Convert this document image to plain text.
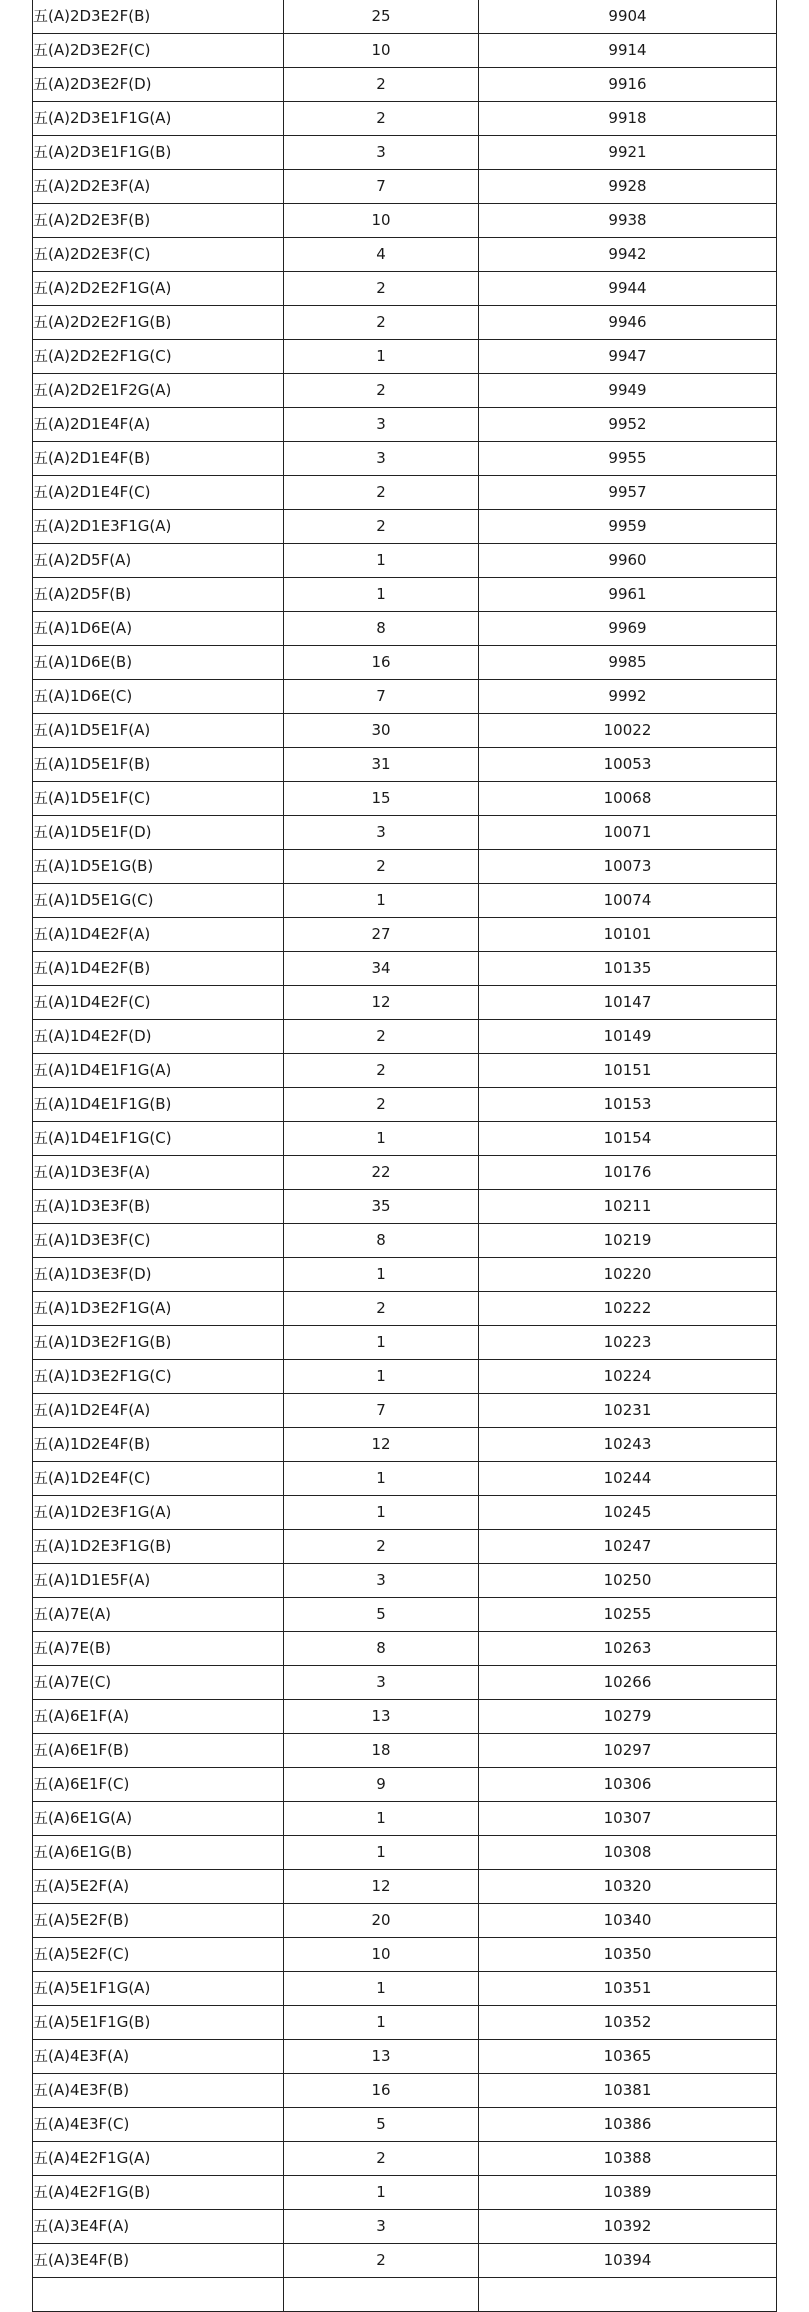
五(A)2D3E2F(B)	25	9904
五(A)2D3E2F(C)	10	9914
五(A)2D3E2F(D)	2	9916
五(A)2D3E1F1G(A)	2	9918
五(A)2D3E1F1G(B)	3	9921
五(A)2D2E3F(A)	7	9928
五(A)2D2E3F(B)	10	9938
五(A)2D2E3F(C)	4	9942
五(A)2D2E2F1G(A)	2	9944
五(A)2D2E2F1G(B)	2	9946
五(A)2D2E2F1G(C)	1	9947
五(A)2D2E1F2G(A)	2	9949
五(A)2D1E4F(A)	3	9952
五(A)2D1E4F(B)	3	9955
五(A)2D1E4F(C)	2	9957
五(A)2D1E3F1G(A)	2	9959
五(A)2D5F(A)	1	9960
五(A)2D5F(B)	1	9961
五(A)1D6E(A)	8	9969
五(A)1D6E(B)	16	9985
五(A)1D6E(C)	7	9992
五(A)1D5E1F(A)	30	10022
五(A)1D5E1F(B)	31	10053
五(A)1D5E1F(C)	15	10068
五(A)1D5E1F(D)	3	10071
五(A)1D5E1G(B)	2	10073
五(A)1D5E1G(C)	1	10074
五(A)1D4E2F(A)	27	10101
五(A)1D4E2F(B)	34	10135
五(A)1D4E2F(C)	12	10147
五(A)1D4E2F(D)	2	10149
五(A)1D4E1F1G(A)	2	10151
五(A)1D4E1F1G(B)	2	10153
五(A)1D4E1F1G(C)	1	10154
五(A)1D3E3F(A)	22	10176
五(A)1D3E3F(B)	35	10211
五(A)1D3E3F(C)	8	10219
五(A)1D3E3F(D)	1	10220
五(A)1D3E2F1G(A)	2	10222
五(A)1D3E2F1G(B)	1	10223
五(A)1D3E2F1G(C)	1	10224
五(A)1D2E4F(A)	7	10231
五(A)1D2E4F(B)	12	10243
五(A)1D2E4F(C)	1	10244
五(A)1D2E3F1G(A)	1	10245
五(A)1D2E3F1G(B)	2	10247
五(A)1D1E5F(A)	3	10250
五(A)7E(A)	5	10255
五(A)7E(B)	8	10263
五(A)7E(C)	3	10266
五(A)6E1F(A)	13	10279
五(A)6E1F(B)	18	10297
五(A)6E1F(C)	9	10306
五(A)6E1G(A)	1	10307
五(A)6E1G(B)	1	10308
五(A)5E2F(A)	12	10320
五(A)5E2F(B)	20	10340
五(A)5E2F(C)	10	10350
五(A)5E1F1G(A)	1	10351
五(A)5E1F1G(B)	1	10352
五(A)4E3F(A)	13	10365
五(A)4E3F(B)	16	10381
五(A)4E3F(C)	5	10386
五(A)4E2F1G(A)	2	10388
五(A)4E2F1G(B)	1	10389
五(A)3E4F(A)	3	10392
五(A)3E4F(B)	2	10394
